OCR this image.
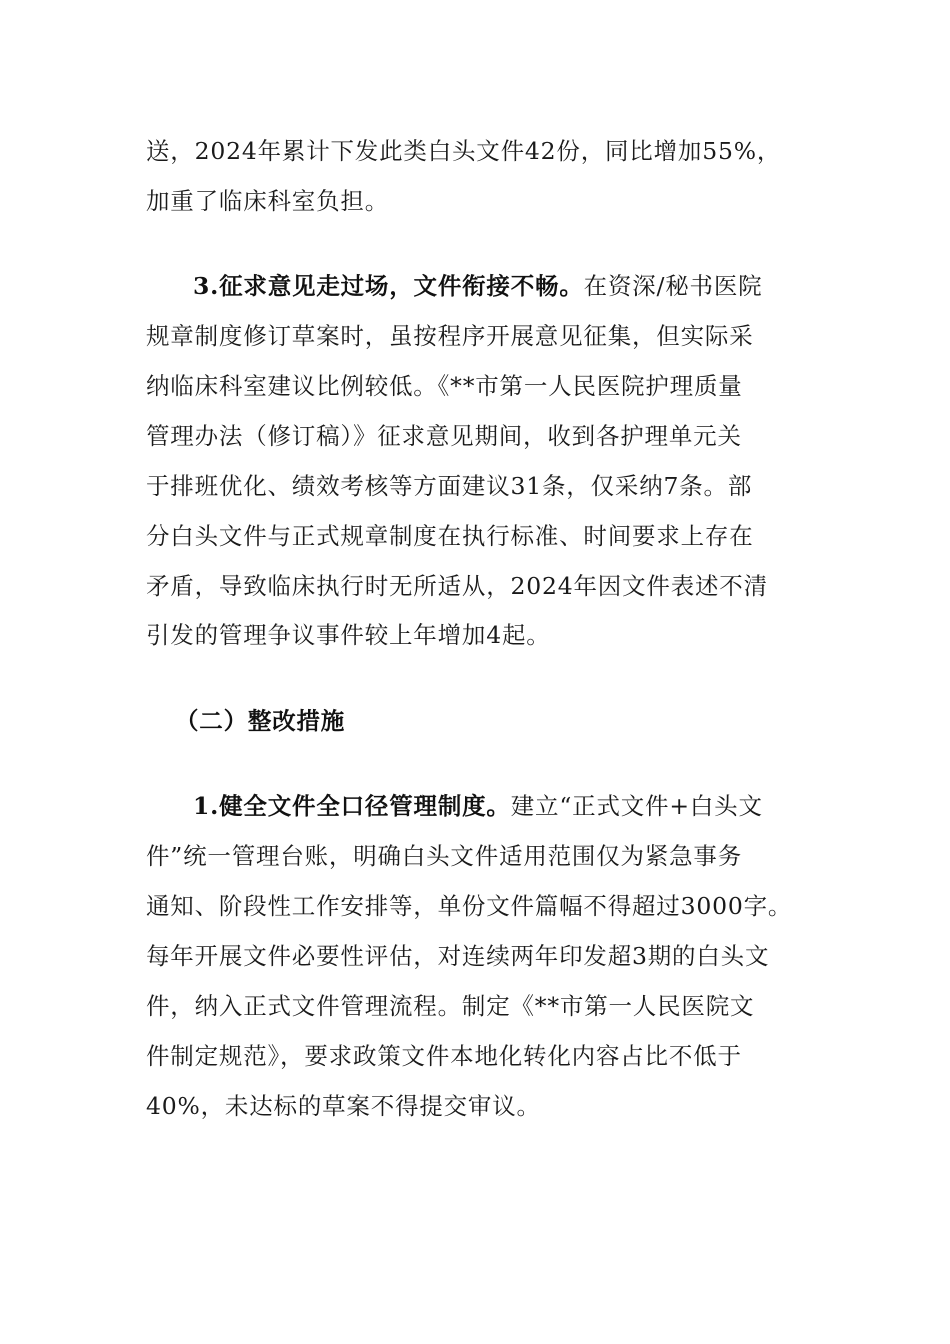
送，2024年累计下发此类白头文件42份，同比增加55%，

加重了临床科室负担。

3.征求意见走过场，文件衔接不畅。在资深/秘书医院

规章制度修订草案时，虽按程序开展意见征集，但实际采

纳临床科室建议比例较低。《**市第一人民医院护理质量

管理办法（修订稿）》征求意见期间，收到各护理单元关

于排班优化、绩效考核等方面建议31条，仅采纳7条。部

分白头文件与正式规章制度在执行标准、时间要求上存在

矛盾，导致临床执行时无所适从，2024年因文件表述不清

引发的管理争议事件较上年增加4起。

（二）整改措施

1.健全文件全口径管理制度。建立“正式文件+白头文

件”统一管理台账，明确白头文件适用范围仅为紧急事务

通知、阶段性工作安排等，单份文件篇幅不得超过3000字。

每年开展文件必要性评估，对连续两年印发超3期的白头文

件，纳入正式文件管理流程。制定《**市第一人民医院文

件制定规范》，要求政策文件本地化转化内容占比不低于

40%，未达标的草案不得提交审议。
